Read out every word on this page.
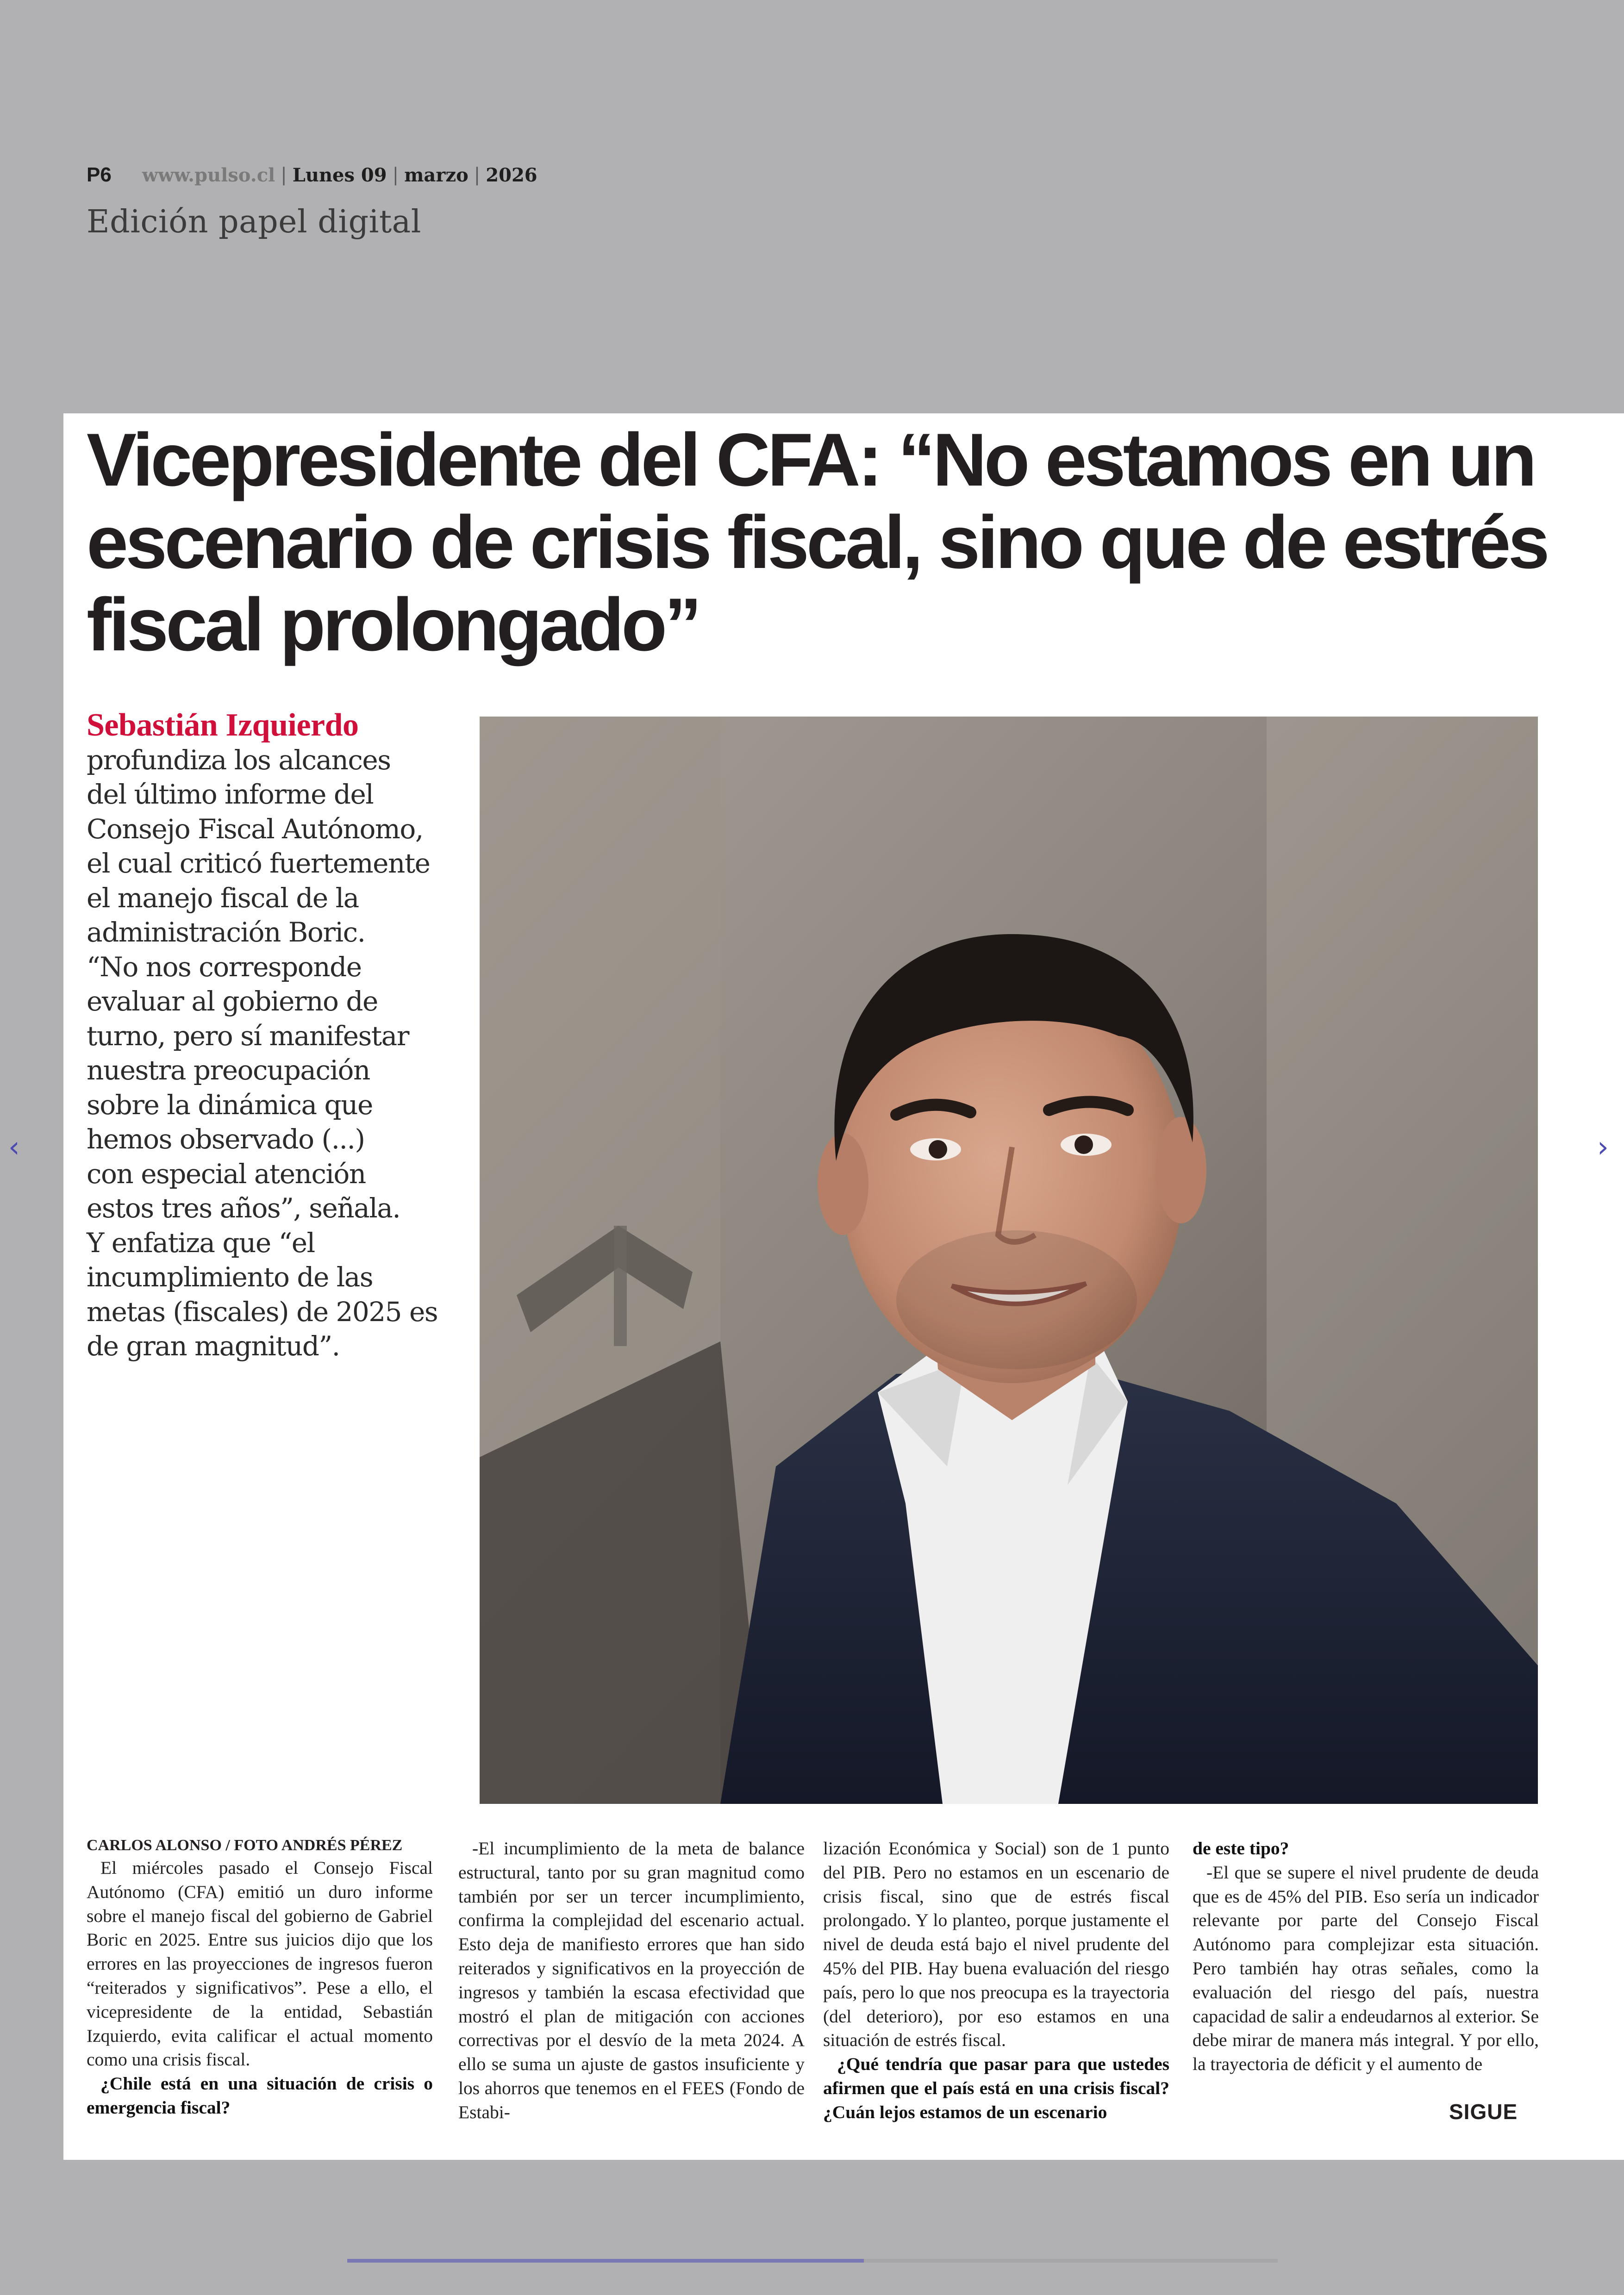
P6 www.pulso.cl | Lunes 09 | marzo | 2026
Edición papel digital
Vicepresidente del CFA: “No estamos en un
escenario de crisis fiscal, sino que de estrés
fiscal prolongado”
Sebastián Izquierdo
profundiza los alcances
del último informe del
Consejo Fiscal Autónomo,
el cual criticó fuertemente
el manejo fiscal de la
administración Boric.
“No nos corresponde
evaluar al gobierno de
turno, pero sí manifestar
nuestra preocupación
sobre la dinámica que
hemos observado (...)
con especial atención
estos tres años”, señala.
Y enfatiza que “el
incumplimiento de las
metas (fiscales) de 2025 es
de gran magnitud”.
CARLOS ALONSO / FOTO ANDRÉS PÉREZ

El miércoles pasado el Consejo Fiscal Autónomo (CFA) emitió un duro informe sobre el manejo fiscal del gobierno de Gabriel Boric en 2025. Entre sus juicios dijo que los errores en las proyecciones de ingresos fueron “reiterados y significativos”. Pese a ello, el vicepresidente de la entidad, Sebastián Izquierdo, evita calificar el actual momento como una crisis fiscal.

¿Chile está en una situación de crisis o emergencia fiscal?

-El incumplimiento de la meta de balance estructural, tanto por su gran magnitud como también por ser un tercer incumplimiento, confirma la complejidad del escenario actual. Esto deja de manifiesto errores que han sido reiterados y significativos en la proyección de ingresos y también la escasa efectividad que mostró el plan de mitigación con acciones correctivas por el desvío de la meta 2024. A ello se suma un ajuste de gastos insuficiente y los ahorros que tenemos en el FEES (Fondo de Estabi-

lización Económica y Social) son de 1 punto del PIB. Pero no estamos en un escenario de crisis fiscal, sino que de estrés fiscal prolongado. Y lo planteo, porque justamente el nivel de deuda está bajo el nivel prudente del 45% del PIB. Hay buena evaluación del riesgo país, pero lo que nos preocupa es la trayectoria (del deterioro), por eso estamos en una situación de estrés fiscal.

¿Qué tendría que pasar para que ustedes afirmen que el país está en una crisis fiscal? ¿Cuán lejos estamos de un escenario

de este tipo?

-El que se supere el nivel prudente de deuda que es de 45% del PIB. Eso sería un indicador relevante por parte del Consejo Fiscal Autónomo para complejizar esta situación. Pero también hay otras señales, como la evaluación del riesgo del país, nuestra capacidad de salir a endeudarnos al exterior. Se debe mirar de manera más integral. Y por ello, la trayectoria de déficit y el aumento de

SIGUE
‹	›
